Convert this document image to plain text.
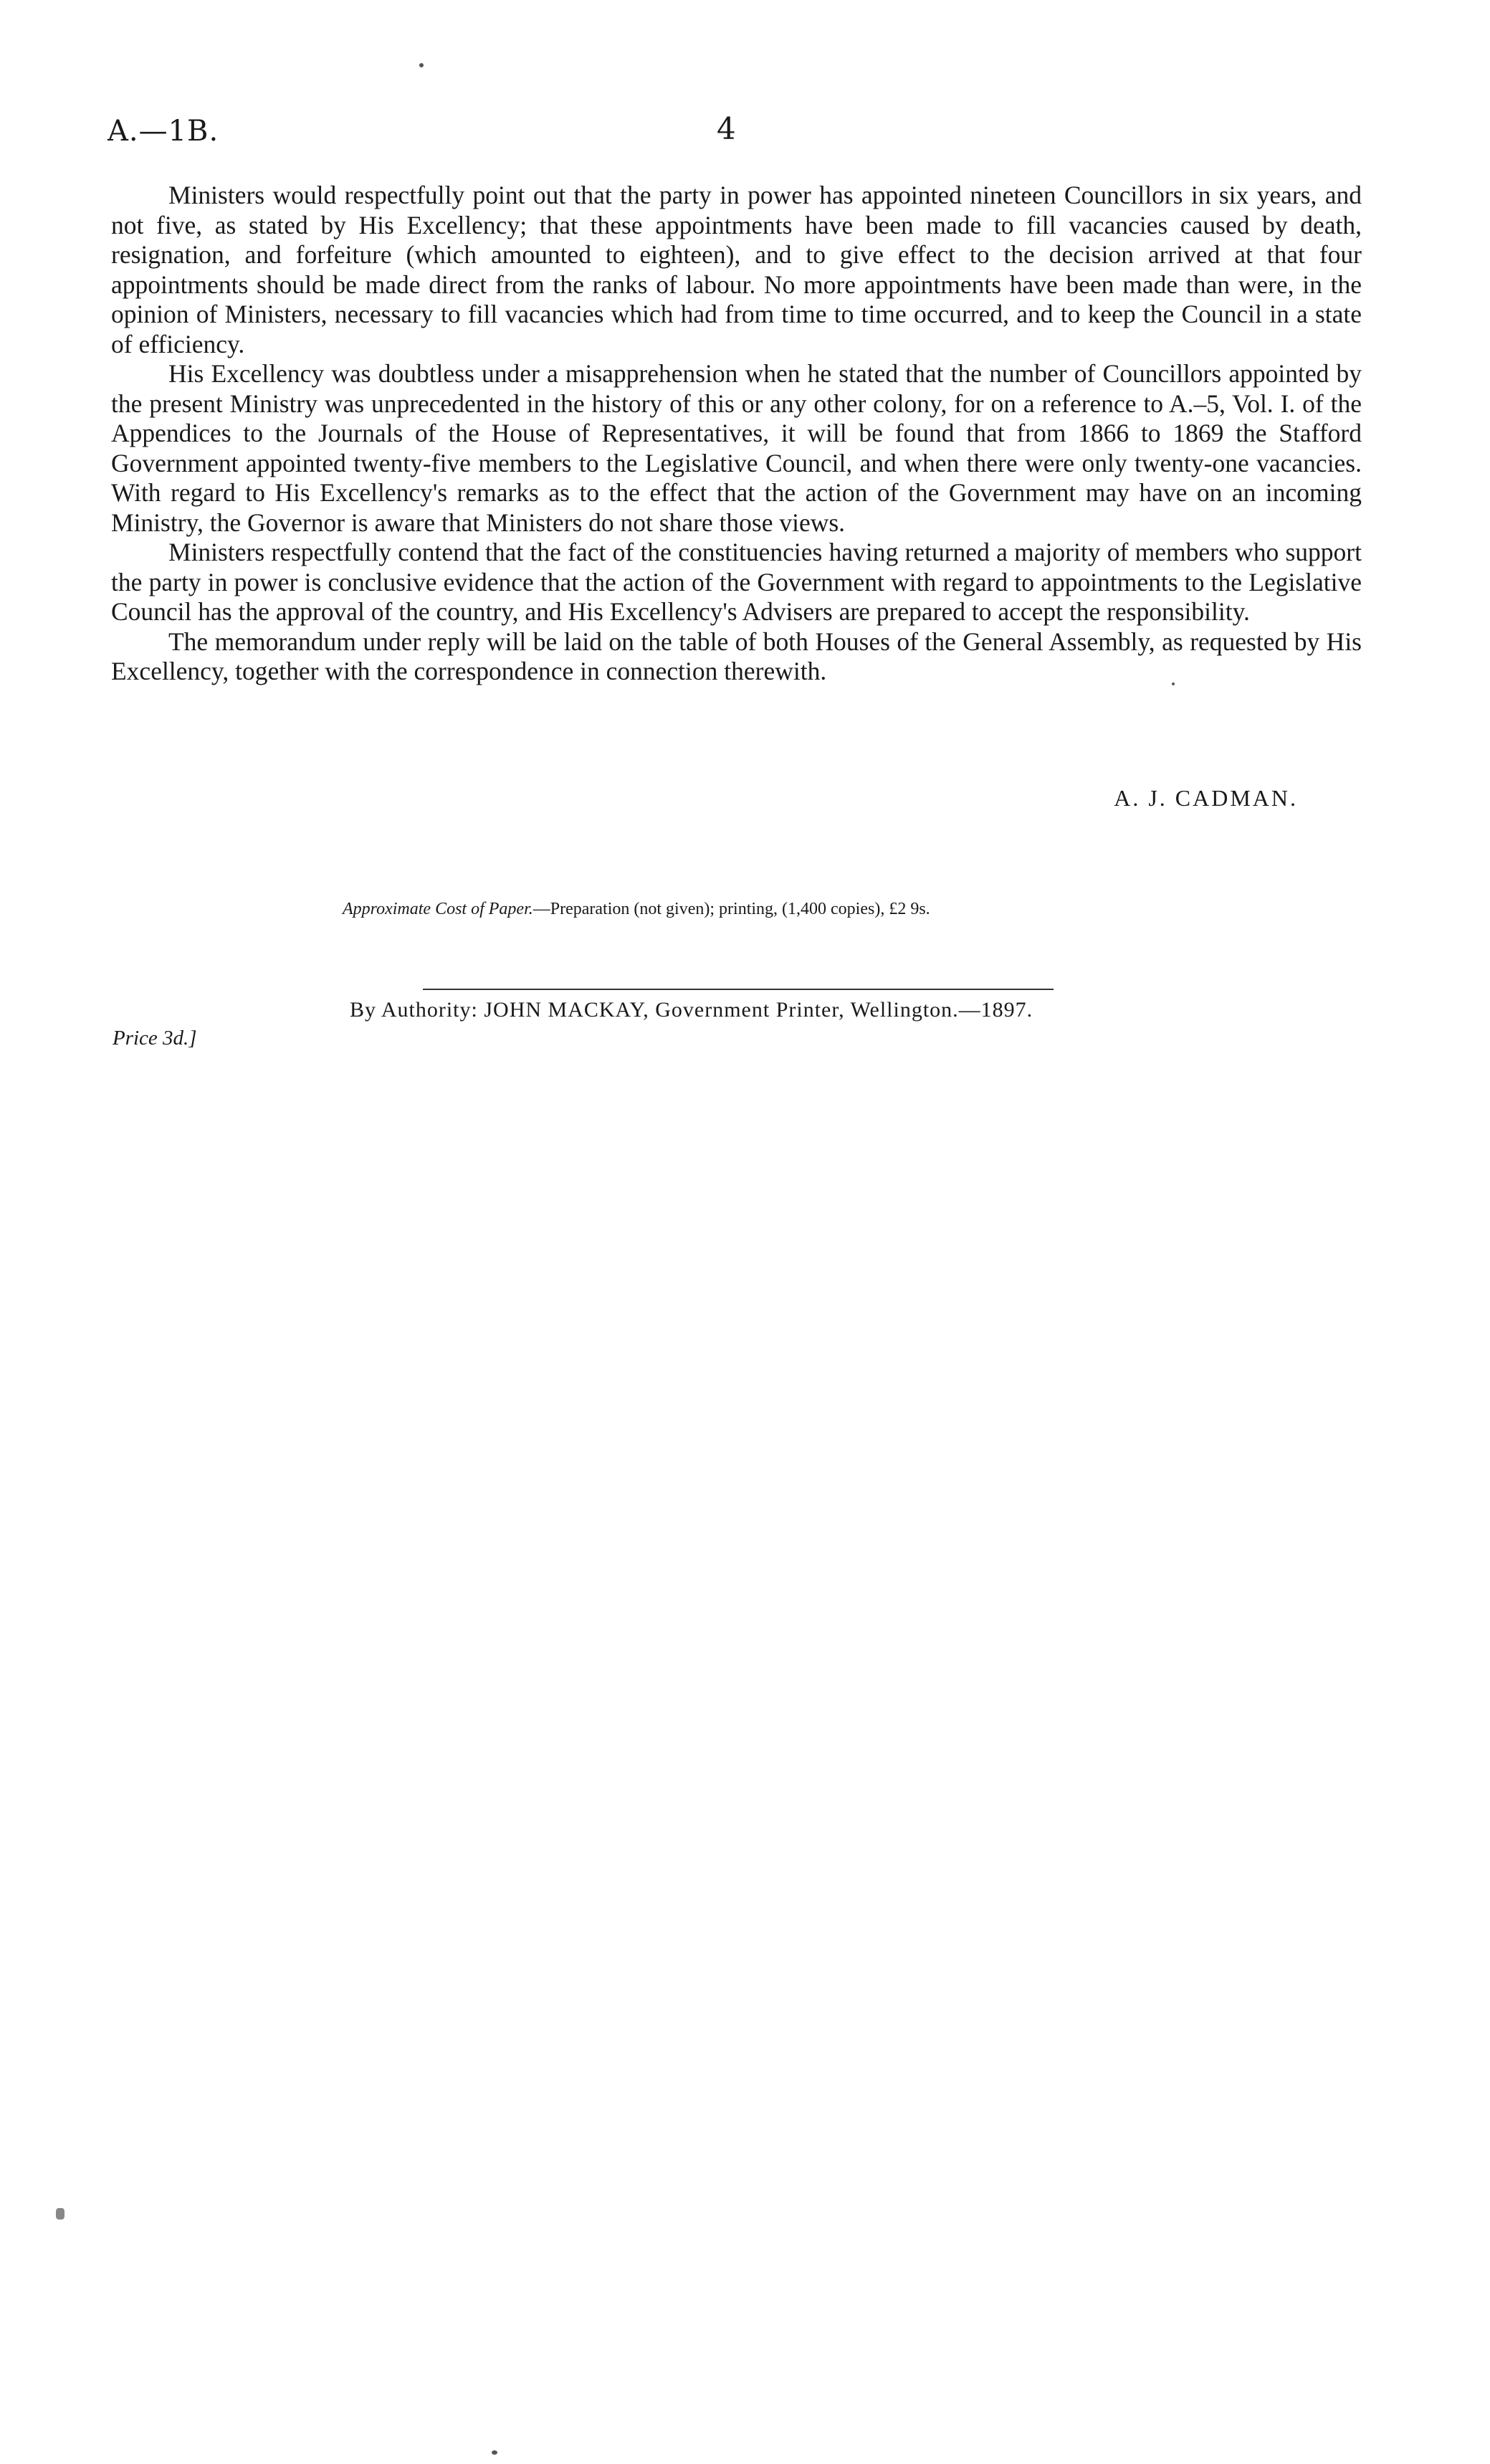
A.—1B.	4

Ministers would respectfully point out that the party in power has appointed nineteen Councillors in six years, and not five, as stated by His Excellency; that these appointments have been made to fill vacancies caused by death, resignation, and forfeiture (which amounted to eighteen), and to give effect to the decision arrived at that four appointments should be made direct from the ranks of labour. No more appointments have been made than were, in the opinion of Ministers, necessary to fill vacancies which had from time to time occurred, and to keep the Council in a state of efficiency.

His Excellency was doubtless under a misapprehension when he stated that the number of Councillors appointed by the present Ministry was unprecedented in the history of this or any other colony, for on a reference to A.–5, Vol. I. of the Appendices to the Journals of the House of Representatives, it will be found that from 1866 to 1869 the Stafford Government appointed twenty-five members to the Legislative Council, and when there were only twenty-one vacancies. With regard to His Excellency's remarks as to the effect that the action of the Government may have on an incoming Ministry, the Governor is aware that Ministers do not share those views.

Ministers respectfully contend that the fact of the constituencies having returned a majority of members who support the party in power is conclusive evidence that the action of the Government with regard to appointments to the Legislative Council has the approval of the country, and His Excellency's Advisers are prepared to accept the responsibility.

The memorandum under reply will be laid on the table of both Houses of the General Assembly, as requested by His Excellency, together with the correspondence in connection therewith.

A. J. CADMAN.
Approximate Cost of Paper.—Preparation (not given); printing, (1,400 copies), £2 9s.
By Authority: JOHN MACKAY, Government Printer, Wellington.—1897.
Price 3d.]
